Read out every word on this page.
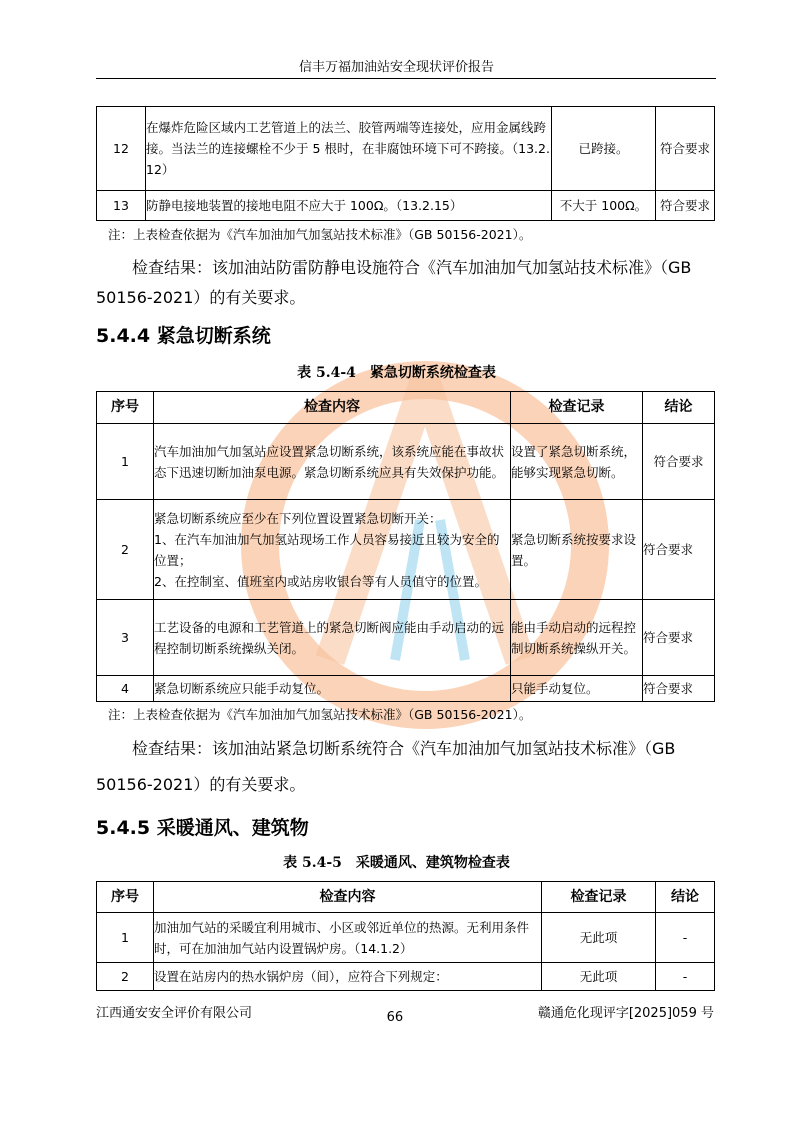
信丰万福加油站安全现状评价报告
12	在爆炸危险区域内工艺管道上的法兰、胶管两端等连接处，应用金属线跨接。当法兰的连接螺栓不少于 5 根时，在非腐蚀环境下可不跨接。（13.2.12）	已跨接。	符合要求
13	防静电接地装置的接地电阻不应大于 100Ω。（13.2.15）	不大于 100Ω。	符合要求
注：上表检查依据为《汽车加油加气加氢站技术标准》（GB 50156-2021）。
检查结果：该加油站防雷防静电设施符合《汽车加油加气加氢站技术标准》（GB 50156-2021）的有关要求。
5.4.4 紧急切断系统
表 5.4-4　紧急切断系统检查表
序号	检查内容	检查记录	结论
1	汽车加油加气加氢站应设置紧急切断系统，该系统应能在事故状态下迅速切断加油泵电源。紧急切断系统应具有失效保护功能。	设置了紧急切断系统，能够实现紧急切断。	符合要求
2	紧急切断系统应至少在下列位置设置紧急切断开关：
1、在汽车加油加气加氢站现场工作人员容易接近且较为安全的位置；
2、在控制室、值班室内或站房收银台等有人员值守的位置。	紧急切断系统按要求设置。	符合要求
3	工艺设备的电源和工艺管道上的紧急切断阀应能由手动启动的远程控制切断系统操纵关闭。	能由手动启动的远程控制切断系统操纵开关。	符合要求
4	紧急切断系统应只能手动复位。	只能手动复位。	符合要求
注：上表检查依据为《汽车加油加气加氢站技术标准》（GB 50156-2021）。
检查结果：该加油站紧急切断系统符合《汽车加油加气加氢站技术标准》（GB 50156-2021）的有关要求。
5.4.5 采暖通风、建筑物
表 5.4-5　采暖通风、建筑物检查表
序号	检查内容	检查记录	结论
1	加油加气站的采暖宜利用城市、小区或邻近单位的热源。无利用条件时，可在加油加气站内设置锅炉房。（14.1.2）	无此项	-
2	设置在站房内的热水锅炉房（间），应符合下列规定：	无此项	-
江西通安安全评价有限公司	66	赣通危化现评字[2025]059 号
